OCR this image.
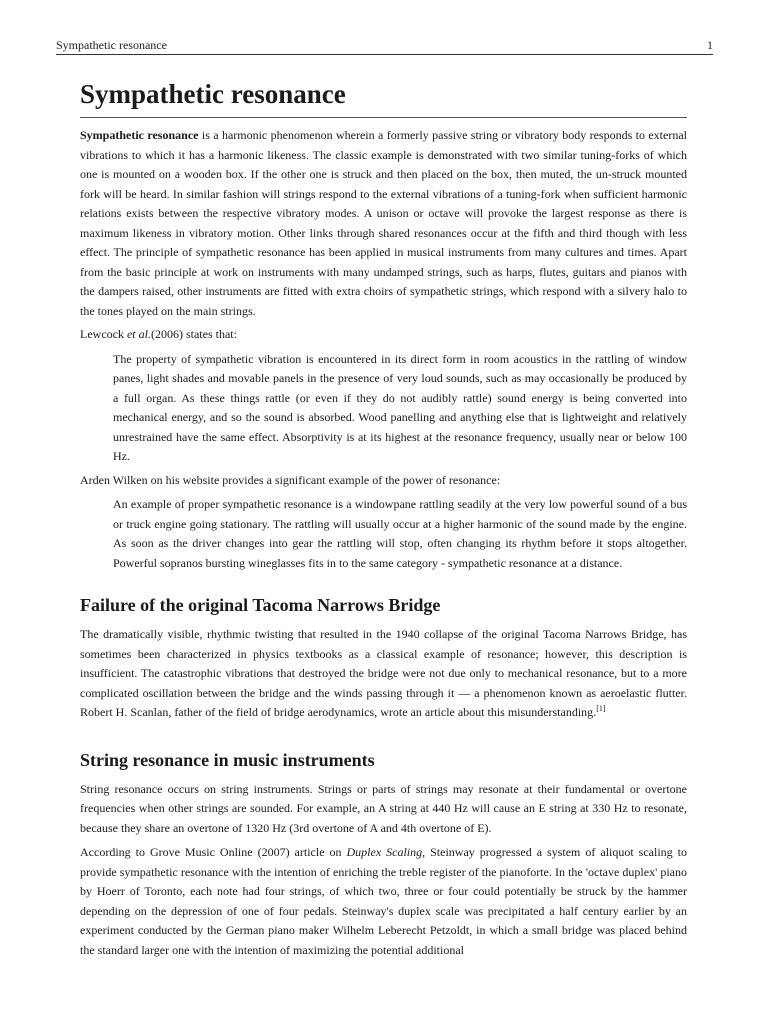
Sympathetic resonance	1
Sympathetic resonance

Sympathetic resonance is a harmonic phenomenon wherein a formerly passive string or vibratory body responds to external vibrations to which it has a harmonic likeness. The classic example is demonstrated with two similar tuning-forks of which one is mounted on a wooden box. If the other one is struck and then placed on the box, then muted, the un-struck mounted fork will be heard. In similar fashion will strings respond to the external vibrations of a tuning-fork when sufficient harmonic relations exists between the respective vibratory modes. A unison or octave will provoke the largest response as there is maximum likeness in vibratory motion. Other links through shared resonances occur at the fifth and third though with less effect. The principle of sympathetic resonance has been applied in musical instruments from many cultures and times. Apart from the basic principle at work on instruments with many undamped strings, such as harps, flutes, guitars and pianos with the dampers raised, other instruments are fitted with extra choirs of sympathetic strings, which respond with a silvery halo to the tones played on the main strings.

Lewcock et al.(2006) states that:

The property of sympathetic vibration is encountered in its direct form in room acoustics in the rattling of window panes, light shades and movable panels in the presence of very loud sounds, such as may occasionally be produced by a full organ. As these things rattle (or even if they do not audibly rattle) sound energy is being converted into mechanical energy, and so the sound is absorbed. Wood panelling and anything else that is lightweight and relatively unrestrained have the same effect. Absorptivity is at its highest at the resonance frequency, usually near or below 100 Hz.

Arden Wilken on his website provides a significant example of the power of resonance:

An example of proper sympathetic resonance is a windowpane rattling seadily at the very low powerful sound of a bus or truck engine going stationary. The rattling will usually occur at a higher harmonic of the sound made by the engine. As soon as the driver changes into gear the rattling will stop, often changing its rhythm before it stops altogether. Powerful sopranos bursting wineglasses fits in to the same category - sympathetic resonance at a distance.

Failure of the original Tacoma Narrows Bridge

The dramatically visible, rhythmic twisting that resulted in the 1940 collapse of the original Tacoma Narrows Bridge, has sometimes been characterized in physics textbooks as a classical example of resonance; however, this description is insufficient. The catastrophic vibrations that destroyed the bridge were not due only to mechanical resonance, but to a more complicated oscillation between the bridge and the winds passing through it — a phenomenon known as aeroelastic flutter. Robert H. Scanlan, father of the field of bridge aerodynamics, wrote an article about this misunderstanding.[1]

String resonance in music instruments

String resonance occurs on string instruments. Strings or parts of strings may resonate at their fundamental or overtone frequencies when other strings are sounded. For example, an A string at 440 Hz will cause an E string at 330 Hz to resonate, because they share an overtone of 1320 Hz (3rd overtone of A and 4th overtone of E).

According to Grove Music Online (2007) article on Duplex Scaling, Steinway progressed a system of aliquot scaling to provide sympathetic resonance with the intention of enriching the treble register of the pianoforte. In the 'octave duplex' piano by Hoerr of Toronto, each note had four strings, of which two, three or four could potentially be struck by the hammer depending on the depression of one of four pedals. Steinway's duplex scale was precipitated a half century earlier by an experiment conducted by the German piano maker Wilhelm Leberecht Petzoldt, in which a small bridge was placed behind the standard larger one with the intention of maximizing the potential additional
